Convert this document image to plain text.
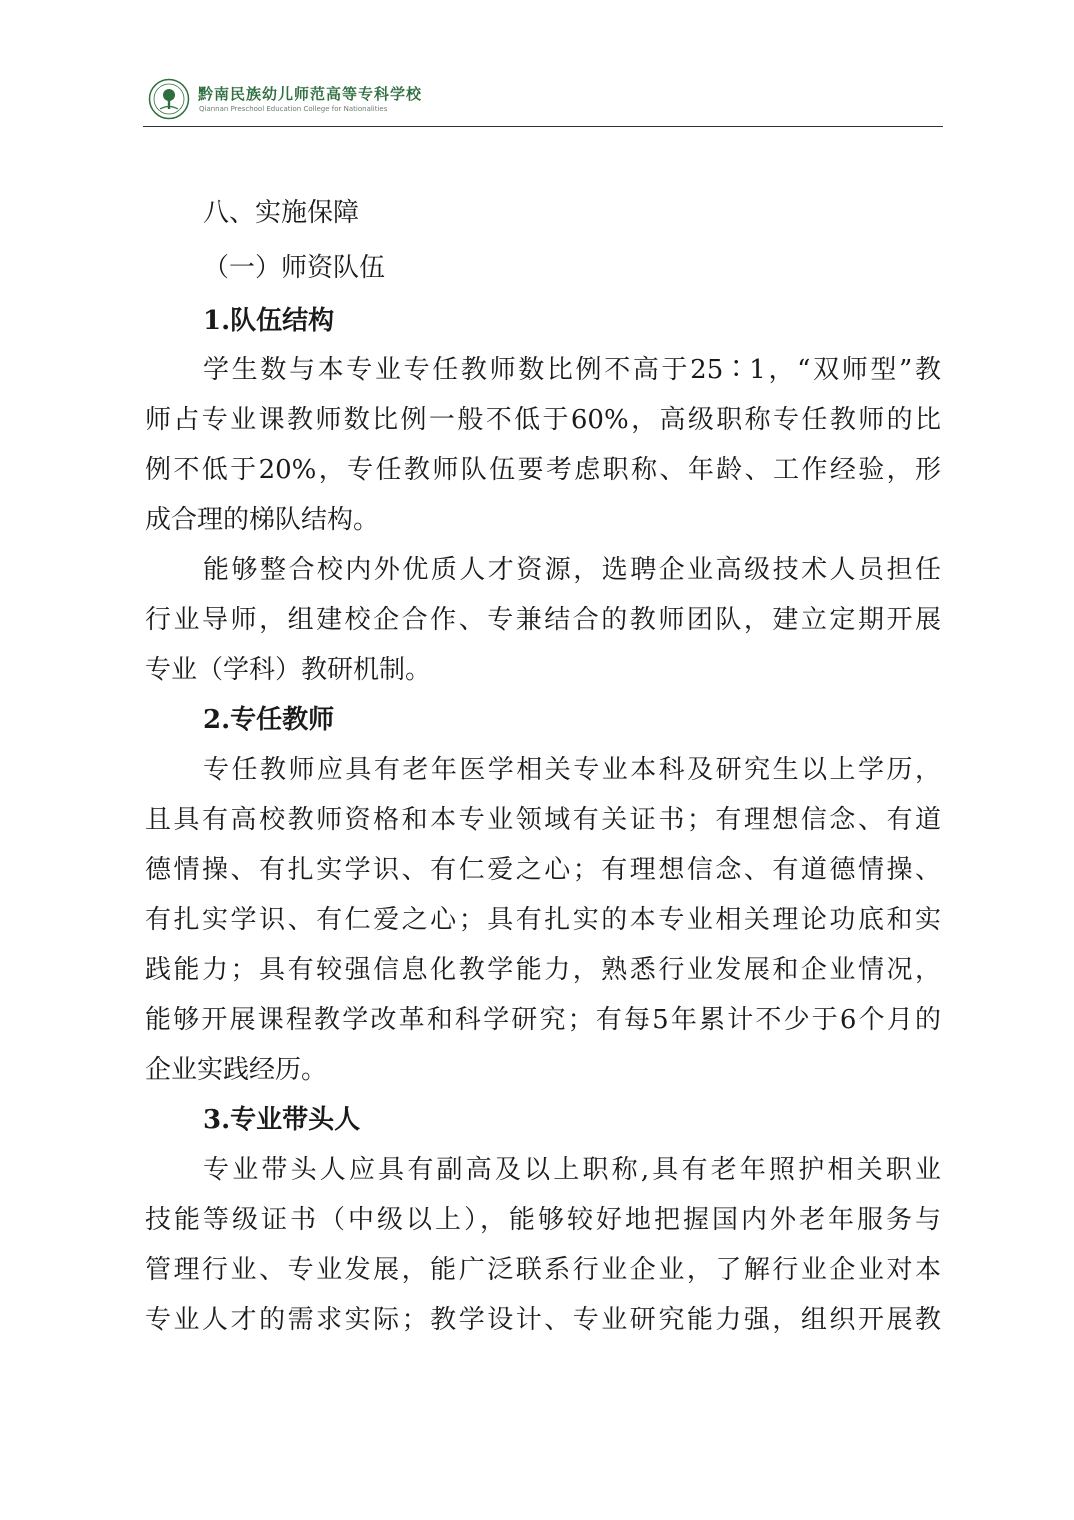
黔南民族幼儿师范高等专科学校
Qiannan Preschool Education College for Nationalities
八、实施保障
（一）师资队伍
1.队伍结构
学生数与本专业专任教师数比例不高于25∶1，“双师型”教
师占专业课教师数比例一般不低于60%，高级职称专任教师的比
例不低于20%，专任教师队伍要考虑职称、年龄、工作经验，形
成合理的梯队结构。
能够整合校内外优质人才资源，选聘企业高级技术人员担任
行业导师，组建校企合作、专兼结合的教师团队，建立定期开展
专业（学科）教研机制。
2.专任教师
专任教师应具有老年医学相关专业本科及研究生以上学历，
且具有高校教师资格和本专业领域有关证书；有理想信念、有道
德情操、有扎实学识、有仁爱之心；有理想信念、有道德情操、
有扎实学识、有仁爱之心；具有扎实的本专业相关理论功底和实
践能力；具有较强信息化教学能力，熟悉行业发展和企业情况，
能够开展课程教学改革和科学研究；有每5年累计不少于6个月的
企业实践经历。
3.专业带头人
专业带头人应具有副高及以上职称,具有老年照护相关职业
技能等级证书（中级以上），能够较好地把握国内外老年服务与
管理行业、专业发展，能广泛联系行业企业，了解行业企业对本
专业人才的需求实际；教学设计、专业研究能力强，组织开展教
